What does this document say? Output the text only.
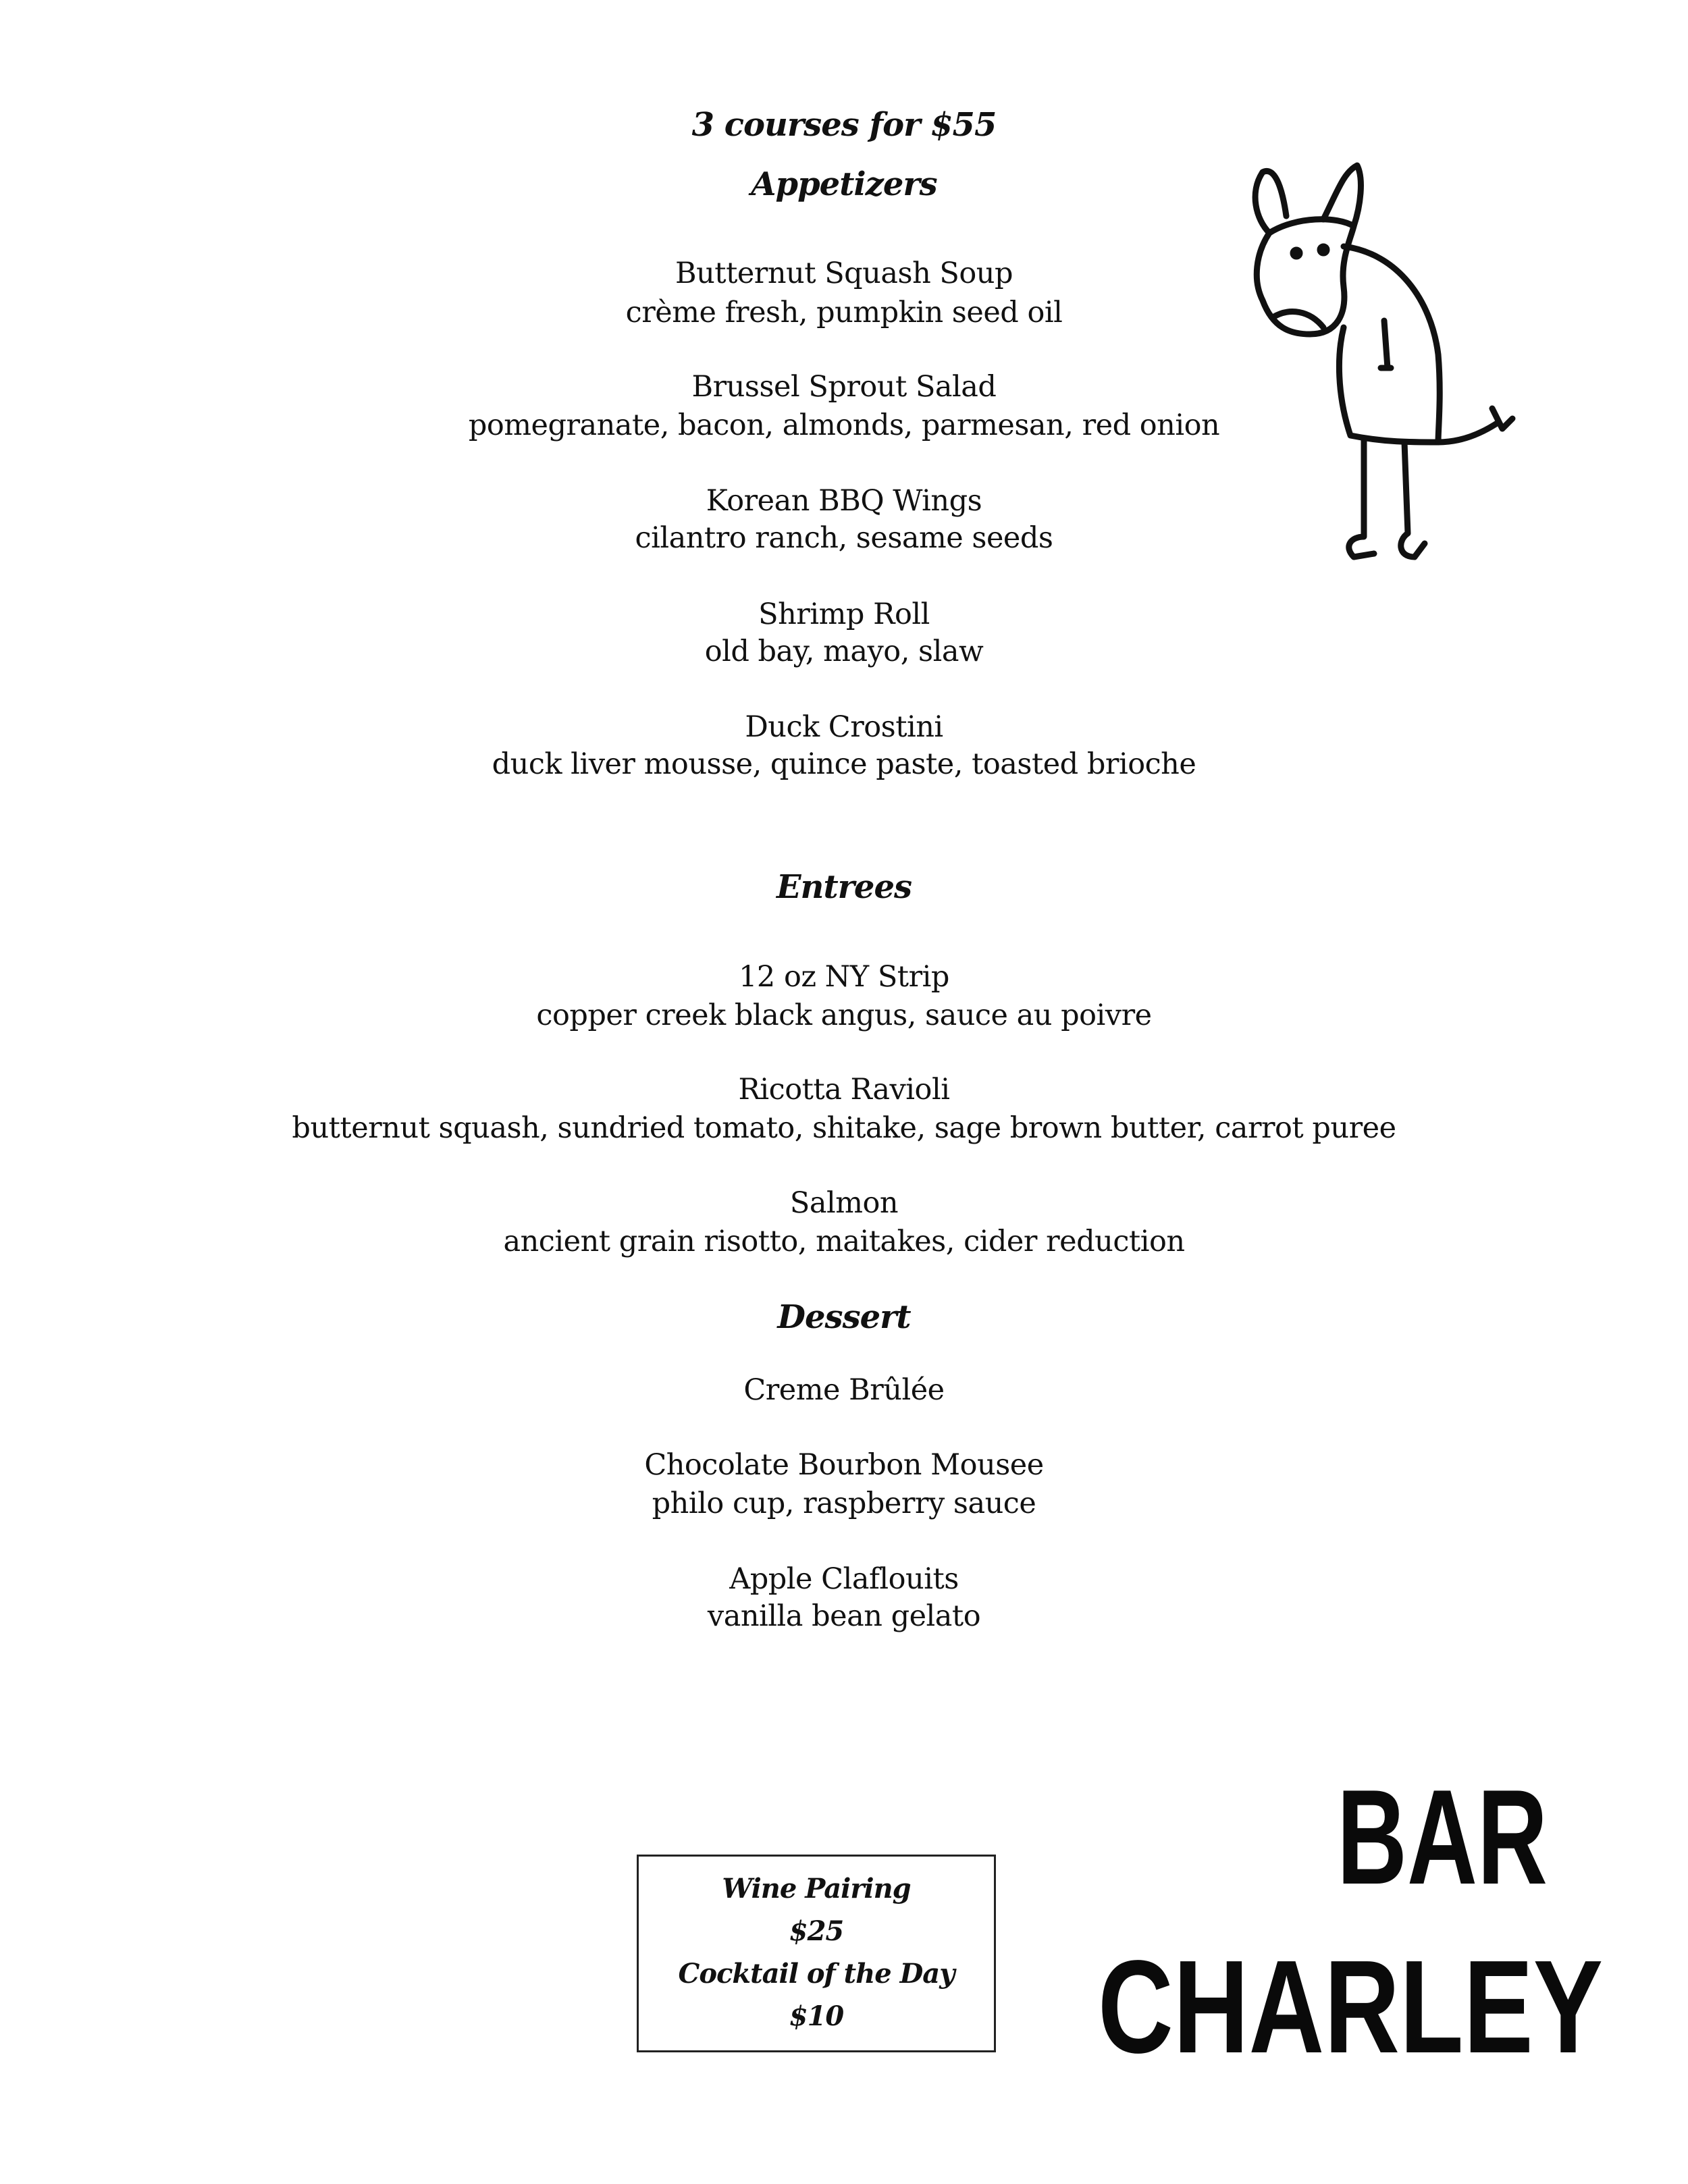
3 courses for $55
Appetizers
Butternut Squash Soup
crème fresh, pumpkin seed oil
Brussel Sprout Salad
pomegranate, bacon, almonds, parmesan, red onion
Korean BBQ Wings
cilantro ranch, sesame seeds
Shrimp Roll
old bay, mayo, slaw
Duck Crostini
duck liver mousse, quince paste, toasted brioche
Entrees
12 oz NY Strip
copper creek black angus, sauce au poivre
Ricotta Ravioli
butternut squash, sundried tomato, shitake, sage brown butter, carrot puree
Salmon
ancient grain risotto, maitakes, cider reduction
Dessert
Creme Brûlée
Chocolate Bourbon Mousee
philo cup, raspberry sauce
Apple Claflouits
vanilla bean gelato
Wine Pairing
$25
Cocktail of the Day
$10
BAR
CHARLEY
